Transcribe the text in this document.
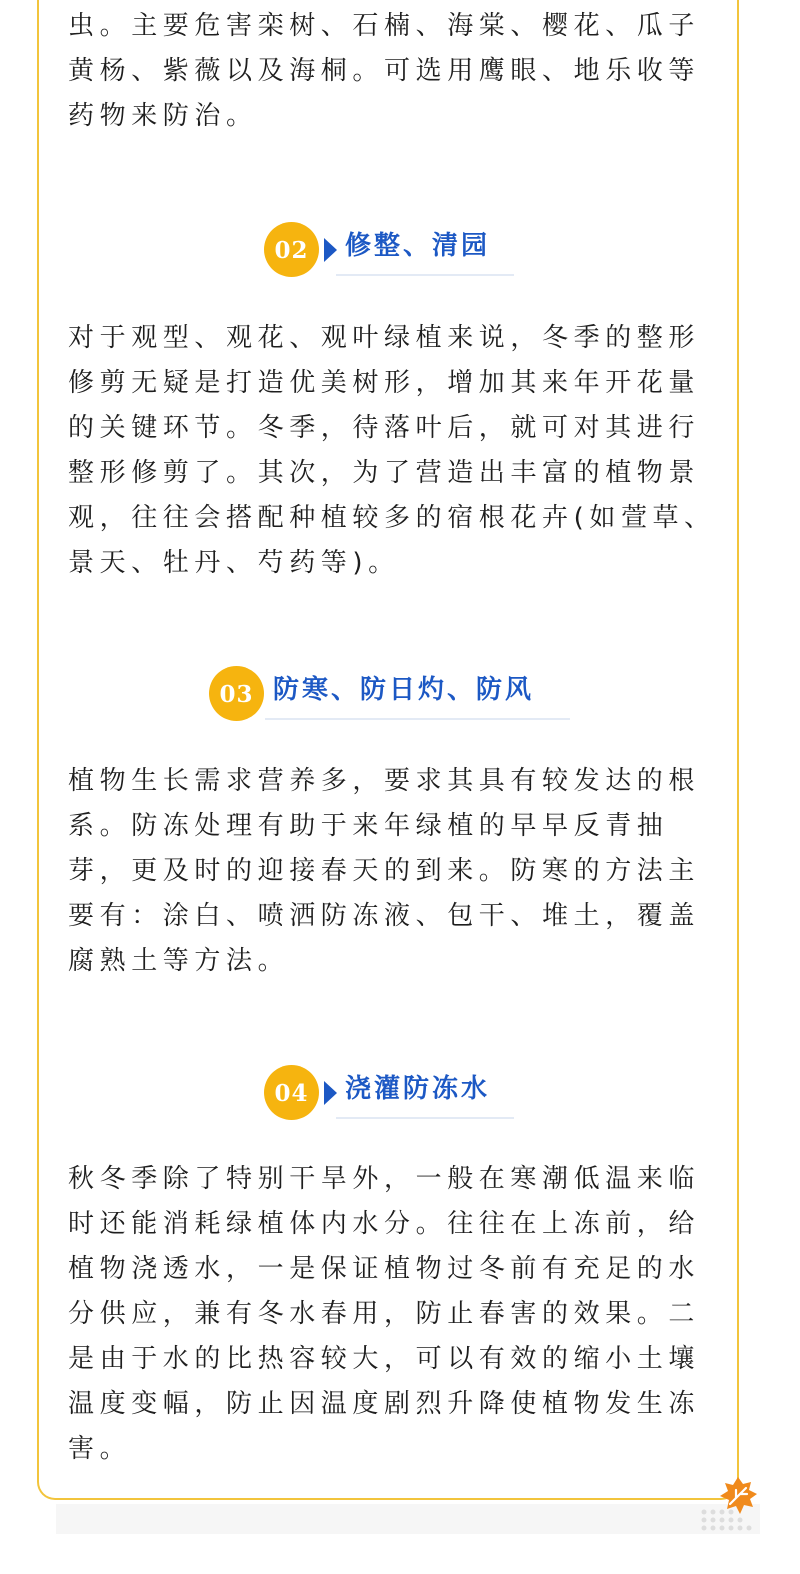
虫。主要危害栾树、石楠、海棠、樱花、瓜子黄杨、紫薇以及海桐。可选用鹰眼、地乐收等药物来防治。

02	修整、清园

对于观型、观花、观叶绿植来说，冬季的整形修剪无疑是打造优美树形，增加其来年开花量的关键环节。冬季，待落叶后，就可对其进行整形修剪了。其次，为了营造出丰富的植物景观，往往会搭配种植较多的宿根花卉(如萱草、景天、牡丹、芍药等)。

03 防寒、防日灼、防风

植物生长需求营养多，要求其具有较发达的根系。防冻处理有助于来年绿植的早早反青抽芽，更及时的迎接春天的到来。防寒的方法主要有：涂白、喷洒防冻液、包干、堆土，覆盖腐熟土等方法。

04	浇灌防冻水

秋冬季除了特别干旱外，一般在寒潮低温来临时还能消耗绿植体内水分。往往在上冻前，给植物浇透水，一是保证植物过冬前有充足的水分供应，兼有冬水春用，防止春害的效果。二是由于水的比热容较大，可以有效的缩小土壤温度变幅，防止因温度剧烈升降使植物发生冻害。
